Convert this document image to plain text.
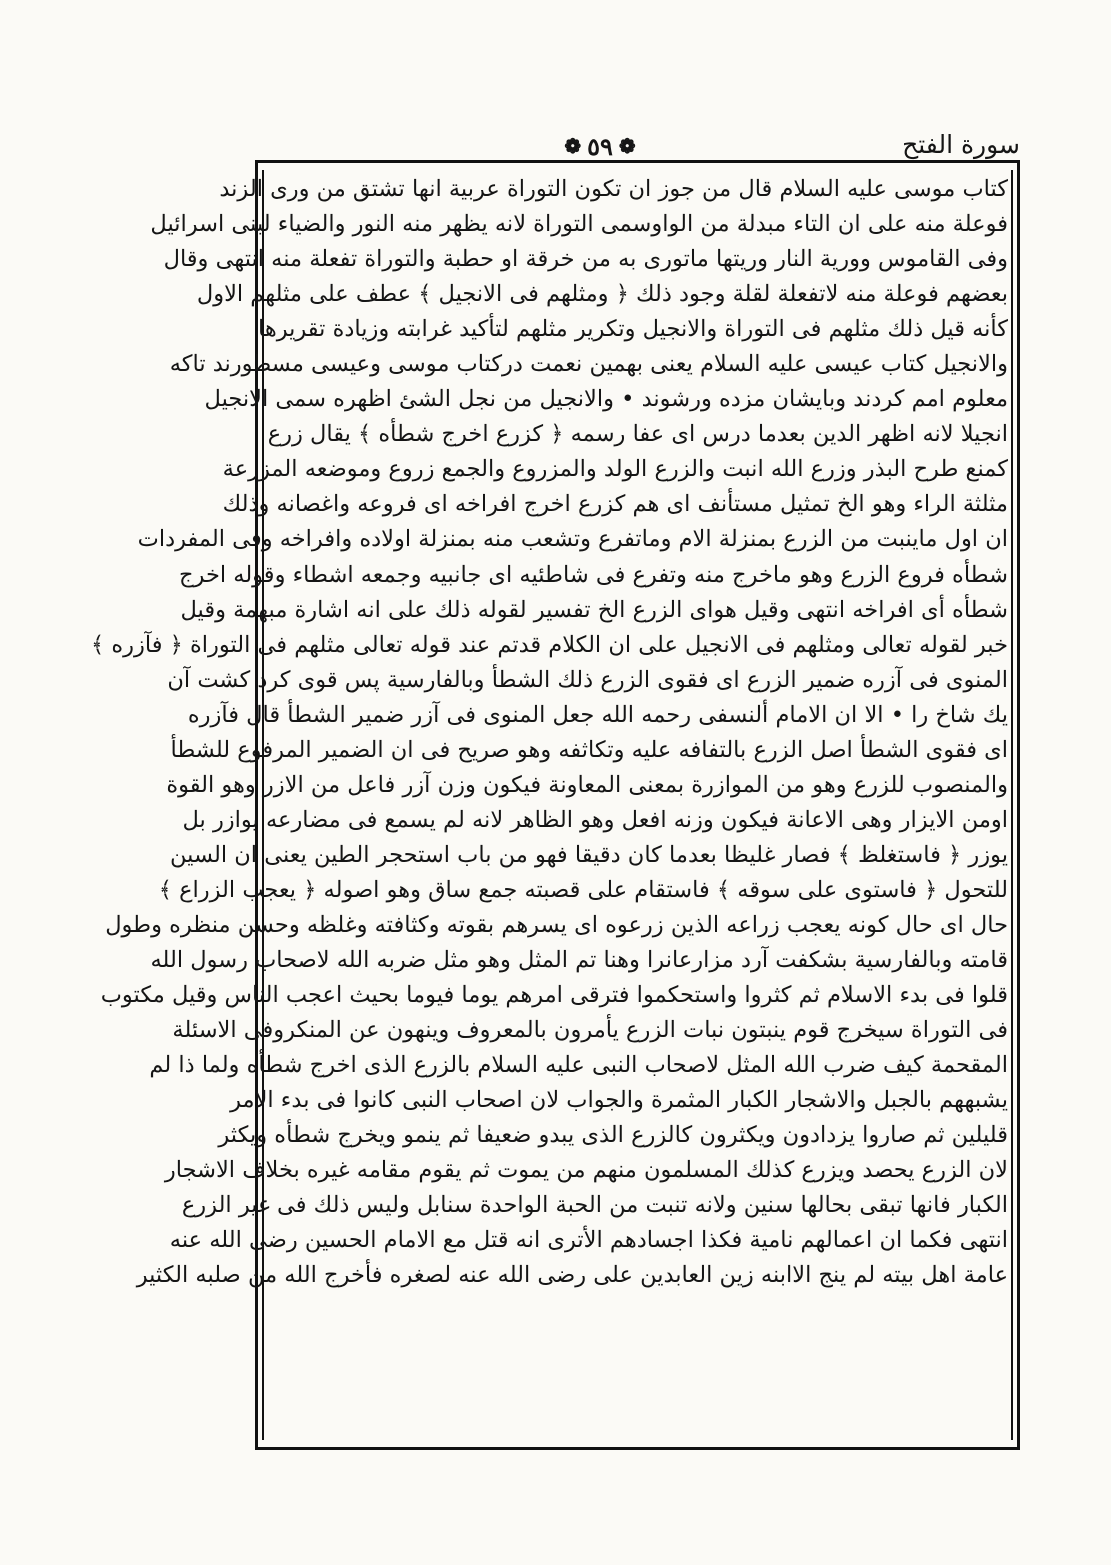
❁
٥٩
❁	سورة الفتح
كتاب موسى عليه السلام قال من جوز ان تكون التوراة عربية انها تشتق من ورى الزند
فوعلة منه على ان التاء مبدلة من الواوسمى التوراة لانه يظهر منه النور والضياء لبنى اسرائيل
وفى القاموس وورية النار وريتها ماتورى به من خرقة او حطبة والتوراة تفعلة منه انتهى وقال
بعضهم فوعلة منه لاتفعلة لقلة وجود ذلك ﴿ ومثلهم فى الانجيل ﴾ عطف على مثلهم الاول
كأنه قيل ذلك مثلهم فى التوراة والانجيل وتكرير مثلهم لتأكيد غرابته وزيادة تقريرها
والانجيل كتاب عيسى عليه السلام يعنى بهمين نعمت دركتاب موسى وعيسى مسطورند تاكه
معلوم امم كردند وبايشان مزده ورشوند • والانجيل من نجل الشئ اظهره سمى الانجيل
انجيلا لانه اظهر الدين بعدما درس اى عفا رسمه ﴿ كزرع اخرج شطأه ﴾ يقال زرع
كمنع طرح البذر وزرع الله انبت والزرع الولد والمزروع والجمع زروع وموضعه المزرعة
مثلثة الراء وهو الخ تمثيل مستأنف اى هم كزرع اخرج افراخه اى فروعه واغصانه وذلك
ان اول ماينبت من الزرع بمنزلة الام وماتفرع وتشعب منه بمنزلة اولاده وافراخه وفى المفردات
شطأه فروع الزرع وهو ماخرج منه وتفرع فى شاطئيه اى جانبيه وجمعه اشطاء وقوله اخرج
شطأه أى افراخه انتهى وقيل هواى الزرع الخ تفسير لقوله ذلك على انه اشارة مبهمة وقيل
خبر لقوله تعالى ومثلهم فى الانجيل على ان الكلام قدتم عند قوله تعالى مثلهم فى التوراة ﴿ فآزره ﴾
المنوى فى آزره ضمير الزرع اى فقوى الزرع ذلك الشطأ وبالفارسية پس قوى كرد كشت آن
يك شاخ را • الا ان الامام ألنسفى رحمه الله جعل المنوى فى آزر ضمير الشطأ قال فآزره
اى فقوى الشطأ اصل الزرع بالتفافه عليه وتكاثفه وهو صريح فى ان الضمير المرفوع للشطأ
والمنصوب للزرع وهو من الموازرة بمعنى المعاونة فيكون وزن آزر فاعل من الازر وهو القوة
اومن الايزار وهى الاعانة فيكون وزنه افعل وهو الظاهر لانه لم يسمع فى مضارعه يوازر بل
يوزر ﴿ فاستغلظ ﴾ فصار غليظا بعدما كان دقيقا فهو من باب استحجر الطين يعنى ان السين
للتحول ﴿ فاستوى على سوقه ﴾ فاستقام على قصبته جمع ساق وهو اصوله ﴿ يعجب الزراع ﴾
حال اى حال كونه يعجب زراعه الذين زرعوه اى يسرهم بقوته وكثافته وغلظه وحسن منظره وطول
قامته وبالفارسية بشكفت آرد مزارعانرا وهنا تم المثل وهو مثل ضربه الله لاصحاب رسول الله
قلوا فى بدء الاسلام ثم كثروا واستحكموا فترقى امرهم يوما فيوما بحيث اعجب الناس وقيل مكتوب
فى التوراة سيخرج قوم ينبتون نبات الزرع يأمرون بالمعروف وينهون عن المنكروفى الاسئلة
المقحمة كيف ضرب الله المثل لاصحاب النبى عليه السلام بالزرع الذى اخرج شطأه ولما ذا لم
يشبههم بالجبل والاشجار الكبار المثمرة والجواب لان اصحاب النبى كانوا فى بدء الامر
قليلين ثم صاروا يزدادون ويكثرون كالزرع الذى يبدو ضعيفا ثم ينمو ويخرج شطأه ويكثر
لان الزرع يحصد ويزرع كذلك المسلمون منهم من يموت ثم يقوم مقامه غيره بخلاف الاشجار
الكبار فانها تبقى بحالها سنين ولانه تنبت من الحبة الواحدة سنابل وليس ذلك فى غير الزرع
انتهى فكما ان اعمالهم نامية فكذا اجسادهم الأترى انه قتل مع الامام الحسين رضى الله عنه
عامة اهل بيته لم ينج الاابنه زين العابدين على رضى الله عنه لصغره فأخرج الله من صلبه الكثير
